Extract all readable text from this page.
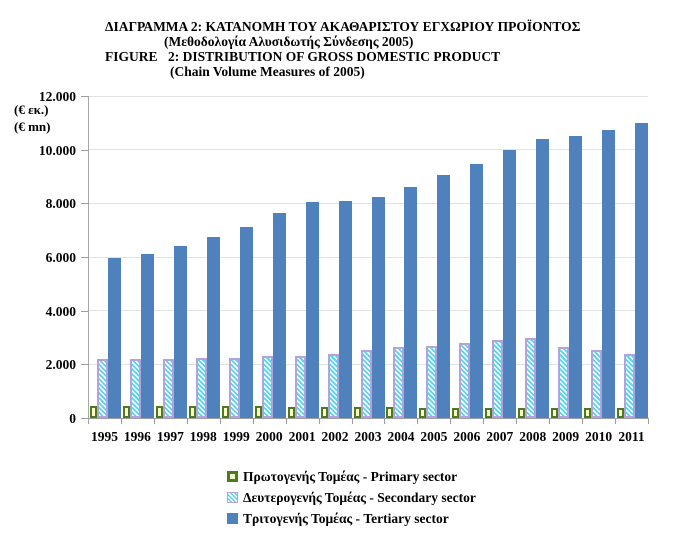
ΔΙΑΓΡΑΜΜΑ 2: ΚΑΤΑΝΟΜΗ ΤΟΥ ΑΚΑΘΑΡΙΣΤΟΥ ΕΓΧΩΡΙΟΥ ΠΡΟΪΟΝΤΟΣ
(Μεθοδολογία Αλυσιδωτής Σύνδεσης 2005)
FIGURE 2: DISTRIBUTION OF GROSS DOMESTIC PRODUCT
(Chain Volume Measures of 2005)
(€ εκ.)
(€ mn)
12.000
10.000
8.000
6.000
4.000
2.000
0
1995 1996 1997 1998 1999 2000 2001 2002 2003 2004 2005 2006 2007 2008 2009 2010 2011
Πρωτογενής Τομέας - Primary sector
Δευτερογενής Τομέας - Secondary sector
Τριτογενής Τομέας - Tertiary sector
